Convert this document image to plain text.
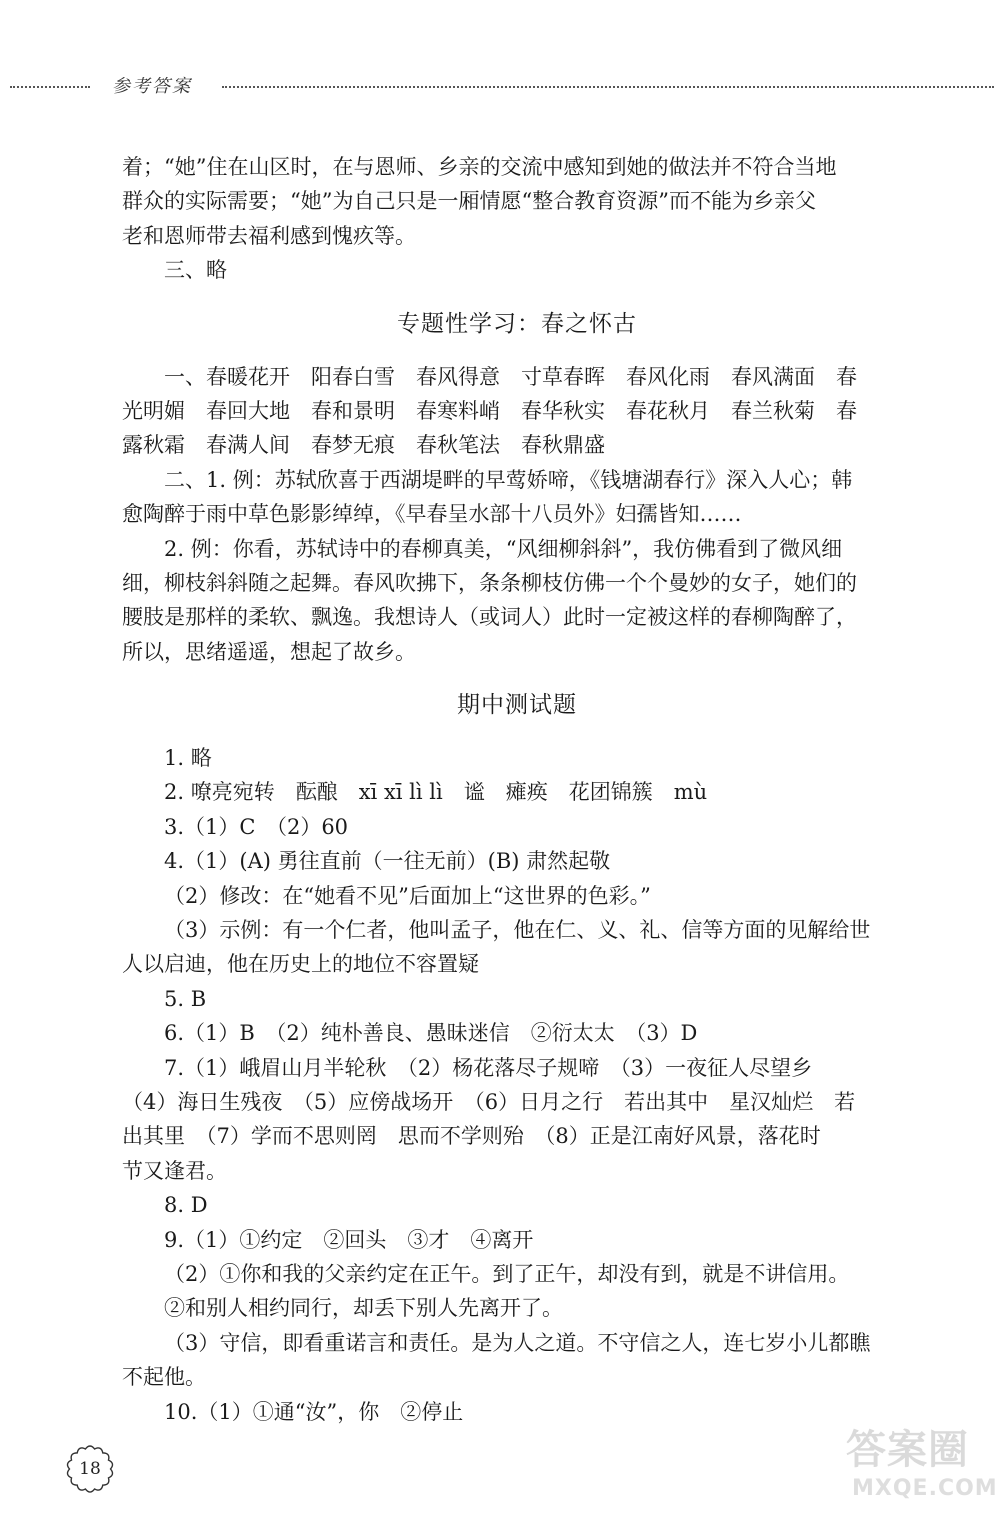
参考答案
着；“她”住在山区时，在与恩师、乡亲的交流中感知到她的做法并不符合当地
群众的实际需要；“她”为自己只是一厢情愿“整合教育资源”而不能为乡亲父
老和恩师带去福利感到愧疚等。
三、略
专题性学习：春之怀古
一、春暖花开　阳春白雪　春风得意　寸草春晖　春风化雨　春风满面　春
光明媚　春回大地　春和景明　春寒料峭　春华秋实　春花秋月　春兰秋菊　春
露秋霜　春满人间　春梦无痕　春秋笔法　春秋鼎盛
二、1. 例：苏轼欣喜于西湖堤畔的早莺娇啼，《钱塘湖春行》深入人心；韩
愈陶醉于雨中草色影影绰绰，《早春呈水部十八员外》妇孺皆知……
2. 例：你看，苏轼诗中的春柳真美，“风细柳斜斜”，我仿佛看到了微风细
细，柳枝斜斜随之起舞。春风吹拂下，条条柳枝仿佛一个个曼妙的女子，她们的
腰肢是那样的柔软、飘逸。我想诗人（或词人）此时一定被这样的春柳陶醉了，
所以，思绪遥遥，想起了故乡。
期中测试题
1. 略
2. 嘹亮宛转　酝酿　xī xī lì lì　谧　瘫痪　花团锦簇　mù
3.（1）C　（2）60
4.（1）(A) 勇往直前（一往无前）(B) 肃然起敬
（2）修改：在“她看不见”后面加上“这世界的色彩。”
（3）示例：有一个仁者，他叫孟子，他在仁、义、礼、信等方面的见解给世
人以启迪，他在历史上的地位不容置疑
5. B
6.（1）B　（2）纯朴善良、愚昧迷信　②衍太太　（3）D
7.（1）峨眉山月半轮秋　（2）杨花落尽子规啼　（3）一夜征人尽望乡
（4）海日生残夜　（5）应傍战场开　（6）日月之行　若出其中　星汉灿烂　若
出其里　（7）学而不思则罔　思而不学则殆　（8）正是江南好风景，落花时
节又逢君。
8. D
9.（1）①约定　②回头　③才　④离开
（2）①你和我的父亲约定在正午。到了正午，却没有到，就是不讲信用。
②和别人相约同行，却丢下别人先离开了。
（3）守信，即看重诺言和责任。是为人之道。不守信之人，连七岁小儿都瞧
不起他。
10.（1）①通“汝”，你　②停止
18	答案圈
MXQE.COM
